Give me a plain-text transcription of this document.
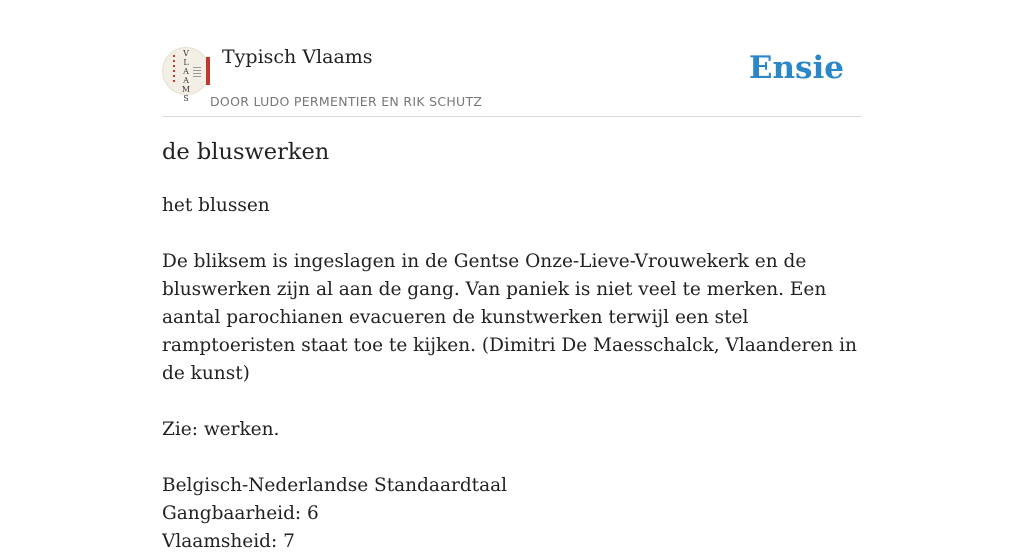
V
L
A
A
M
S
Typisch Vlaams
DOOR LUDO PERMENTIER EN RIK SCHUTZ
Ensie
de bluswerken

het blussen

De bliksem is ingeslagen in de Gentse Onze-Lieve-Vrouwekerk en de bluswerken zijn al aan de gang. Van paniek is niet veel te merken. Een aantal parochianen evacueren de kunstwerken terwijl een stel ramptoeristen staat toe te kijken. (Dimitri De Maesschalck, Vlaanderen in de kunst)

Zie: werken.

Belgisch-Nederlandse Standaardtaal

Gangbaarheid: 6

Vlaamsheid: 7
